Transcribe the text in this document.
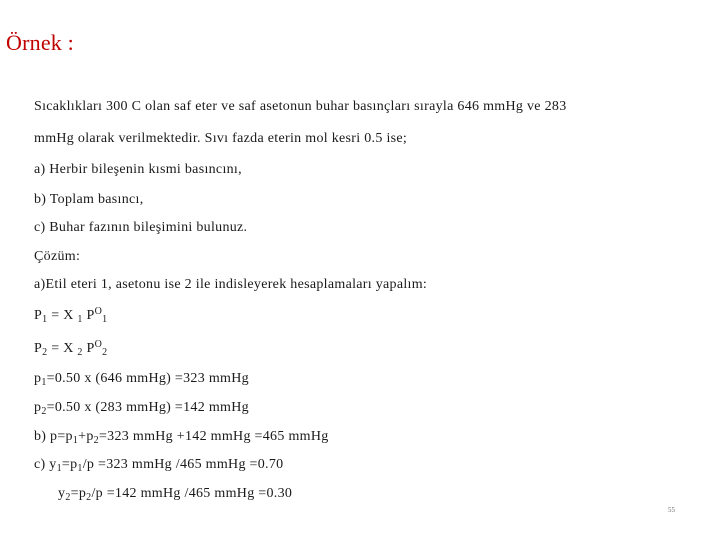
Örnek :
Sıcaklıkları 300 C olan saf eter ve saf asetonun buhar basınçları sırayla 646 mmHg ve 283
mmHg olarak verilmektedir. Sıvı fazda eterin mol kesri 0.5 ise;
a) Herbir bileşenin kısmi basıncını,
b) Toplam basıncı,
c) Buhar fazının bileşimini bulunuz.
Çözüm:
a)Etil eteri 1, asetonu ise 2 ile indisleyerek hesaplamaları yapalım:
$P_1 = X$ $_1$ $P^O_1$
$P_2 = X$ $_2$ $P^O_2$
$p_1=0.50$ x (646 mmHg) =323 mmHg
$p_2=0.50$ x (283 mmHg) =142 mmHg
b) $p=p_1+p_2=323$ mmHg +142 mmHg =465 mmHg
c) $y_1=p_1/p =323$ mmHg /465 mmHg =0.70
$y_2=p_2/p =142$ mmHg /465 mmHg =0.30
55
